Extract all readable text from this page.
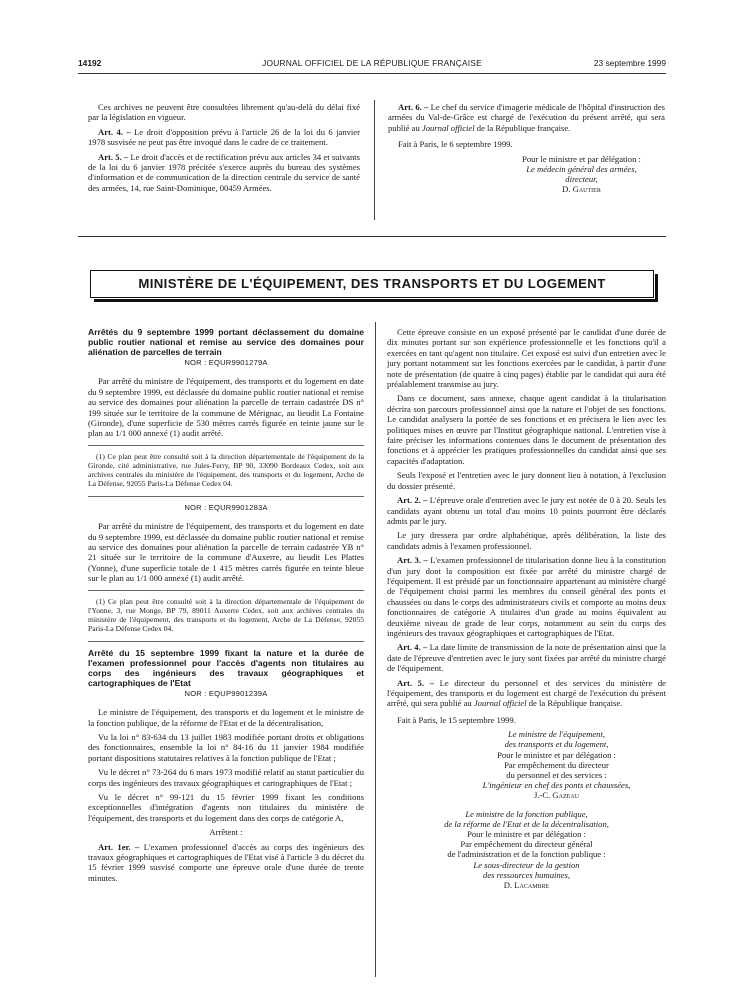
14192	JOURNAL OFFICIEL DE LA RÉPUBLIQUE FRANÇAISE	23 septembre 1999

Ces archives ne peuvent être consultées librement qu'au-delà du délai fixé par la législation en vigueur.

Art. 4. – Le droit d'opposition prévu à l'article 26 de la loi du 6 janvier 1978 susvisée ne peut pas être invoqué dans le cadre de ce traitement.

Art. 5. – Le droit d'accès et de rectification prévu aux articles 34 et suivants de la loi du 6 janvier 1978 précitée s'exerce auprès du bureau des systèmes d'information et de communication de la direction centrale du service de santé des armées, 14, rue Saint-Dominique, 00459 Armées.

Art. 6. – Le chef du service d'imagerie médicale de l'hôpital d'instruction des armées du Val-de-Grâce est chargé de l'exécution du présent arrêté, qui sera publié au Journal officiel de la République française.

Fait à Paris, le 6 septembre 1999.

Pour le ministre et par délégation :
Le médecin général des armées,
directeur,
D. Gautier
MINISTÈRE DE L'ÉQUIPEMENT, DES TRANSPORTS ET DU LOGEMENT
Arrêtés du 9 septembre 1999 portant déclassement du domaine public routier national et remise au service des domaines pour aliénation de parcelles de terrain
NOR : EQUR9901279A

Par arrêté du ministre de l'équipement, des transports et du logement en date du 9 septembre 1999, est déclassée du domaine public routier national et remise au service des domaines pour aliénation la parcelle de terrain cadastrée DS n° 199 située sur le territoire de la commune de Mérignac, au lieudit La Fontaine (Gironde), d'une superficie de 530 mètres carrés figurée en teinte jaune sur le plan au 1/1 000 annexé (1) audit arrêté.

(1) Ce plan peut être consulté soit à la direction départementale de l'équipement de la Gironde, cité administrative, rue Jules-Ferry, BP 90, 33090 Bordeaux Cedex, soit aux archives centrales du ministère de l'équipement, des transports et du logement, Arche de La Défense, 92055 Paris-La Défense Cedex 04.

NOR : EQUR9901283A

Par arrêté du ministre de l'équipement, des transports et du logement en date du 9 septembre 1999, est déclassée du domaine public routier national et remise au service des domaines pour aliénation la parcelle de terrain cadastrée YB n° 21 située sur le territoire de la commune d'Auxerre, au lieudit Les Plattes (Yonne), d'une superficie totale de 1 415 mètres carrés figurée en teinte bleue sur le plan au 1/1 000 annexé (1) audit arrêté.

(1) Ce plan peut être consulté soit à la direction départementale de l'équipement de l'Yonne, 3, rue Monge, BP 79, 89011 Auxerre Cedex, soit aux archives centrales du ministère de l'équipement, des transports et du logement, Arche de La Défense, 92055 Paris-La Défense Cedex 04.

Arrêté du 15 septembre 1999 fixant la nature et la durée de l'examen professionnel pour l'accès d'agents non titulaires au corps des ingénieurs des travaux géographiques et cartographiques de l'Etat
NOR : EQUP9901239A

Le ministre de l'équipement, des transports et du logement et le ministre de la fonction publique, de la réforme de l'Etat et de la décentralisation,

Vu la loi n° 83-634 du 13 juillet 1983 modifiée portant droits et obligations des fonctionnaires, ensemble la loi n° 84-16 du 11 janvier 1984 modifiée portant dispositions statutaires relatives à la fonction publique de l'Etat ;

Vu le décret n° 73-264 du 6 mars 1973 modifié relatif au statut particulier du corps des ingénieurs des travaux géographiques et cartographiques de l'Etat ;

Vu le décret n° 99-121 du 15 février 1999 fixant les conditions exceptionnelles d'intégration d'agents non titulaires du ministère de l'équipement, des transports et du logement dans des corps de catégorie A,

Arrêtent :

Art. 1er. – L'examen professionnel d'accès au corps des ingénieurs des travaux géographiques et cartographiques de l'Etat visé à l'article 3 du décret du 15 février 1999 susvisé comporte une épreuve orale d'une durée de trente minutes.

Cette épreuve consiste en un exposé présenté par le candidat d'une durée de dix minutes portant sur son expérience professionnelle et les fonctions qu'il a exercées en tant qu'agent non titulaire. Cet exposé est suivi d'un entretien avec le jury portant notamment sur les fonctions exercées par le candidat, à partir d'une note de présentation (de quatre à cinq pages) établie par le candidat qui aura été préalablement transmise au jury.

Dans ce document, sans annexe, chaque agent candidat à la titularisation décrira son parcours professionnel ainsi que la nature et l'objet de ses fonctions. Le candidat analysera la portée de ses fonctions et en précisera le lien avec les politiques mises en œuvre par l'Institut géographique national. L'entretien vise à faire préciser les informations contenues dans le document de présentation des fonctions et à apprécier les pratiques professionnelles du candidat ainsi que ses capacités d'adaptation.

Seuls l'exposé et l'entretien avec le jury donnent lieu à notation, à l'exclusion du dossier présenté.

Art. 2. – L'épreuve orale d'entretien avec le jury est notée de 0 à 20. Seuls les candidats ayant obtenu un total d'au moins 10 points pourront être déclarés admis par le jury.

Le jury dressera par ordre alphabétique, après délibération, la liste des candidats admis à l'examen professionnel.

Art. 3. – L'examen professionnel de titularisation donne lieu à la constitution d'un jury dont la composition est fixée par arrêté du ministre chargé de l'équipement. Il est présidé par un fonctionnaire appartenant au ministère chargé de l'équipement choisi parmi les membres du conseil général des ponts et chaussées ou dans le corps des administrateurs civils et comporte au moins deux fonctionnaires de catégorie A titulaires d'un grade au moins équivalent au deuxième niveau de grade de leur corps, notamment au sein du corps des ingénieurs des travaux géographiques et cartographiques de l'Etat.

Art. 4. – La date limite de transmission de la note de présentation ainsi que la date de l'épreuve d'entretien avec le jury sont fixées par arrêté du ministre chargé de l'équipement.

Art. 5. – Le directeur du personnel et des services du ministère de l'équipement, des transports et du logement est chargé de l'exécution du présent arrêté, qui sera publié au Journal officiel de la République française.

Fait à Paris, le 15 septembre 1999.

Le ministre de l'équipement,
des transports et du logement,
Pour le ministre et par délégation :
Par empêchement du directeur
du personnel et des services :
L'ingénieur en chef des ponts et chaussées,
J.-C. Gazeau
Le ministre de la fonction publique,
de la réforme de l'Etat et de la décentralisation,
Pour le ministre et par délégation :
Par empêchement du directeur général
de l'administration et de la fonction publique :
Le sous-directeur de la gestion
des ressources humaines,
D. Lacambre
